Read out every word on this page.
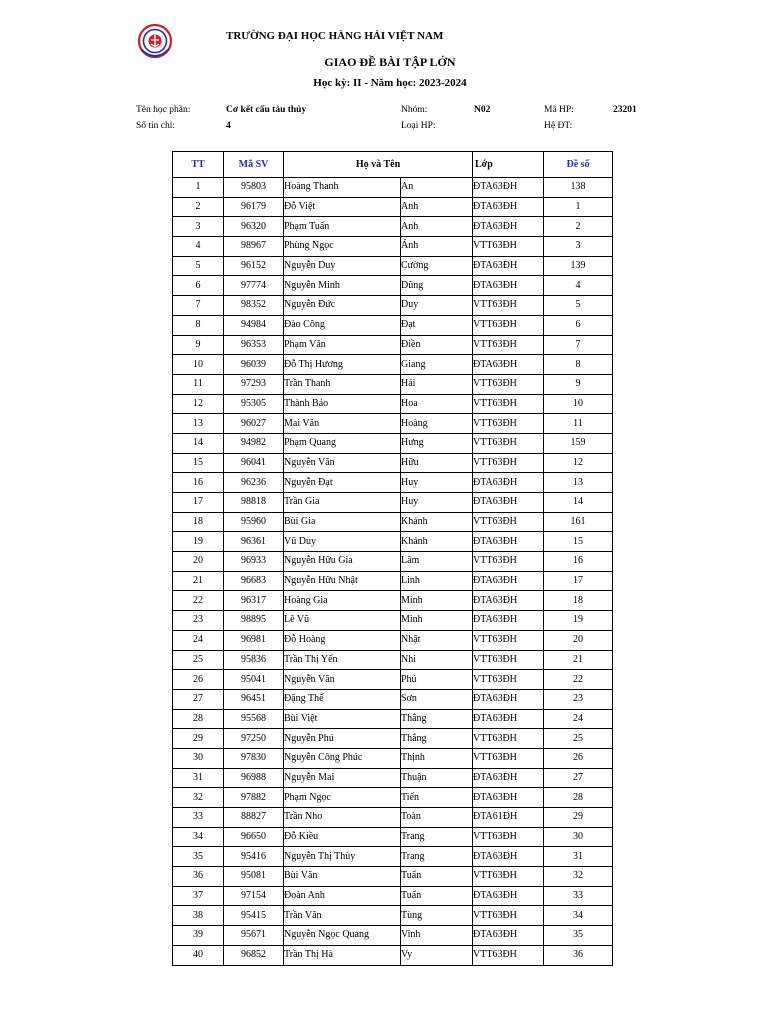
TRƯỜNG ĐẠI HỌC HÀNG HẢI VIỆT NAM
GIAO ĐỀ BÀI TẬP LỚN
Học kỳ: II - Năm học: 2023-2024
Tên học phần:	Cơ kết cấu tàu thủy	Nhóm:	N02	Mã HP:	23201
Số tín chỉ:	4	Loại HP:	Hệ ĐT:
TT	Mã SV	Họ và Tên		Lớp	Đề số
1	95803	Hoàng Thanh	An	ĐTA63ĐH	138
2	96179	Đỗ Việt	Anh	ĐTA63ĐH	1
3	96320	Phạm Tuấn	Anh	ĐTA63ĐH	2
4	98967	Phùng Ngọc	Ánh	VTT63ĐH	3
5	96152	Nguyễn Duy	Cường	ĐTA63ĐH	139
6	97774	Nguyễn Minh	Dũng	ĐTA63ĐH	4
7	98352	Nguyễn Đức	Duy	VTT63ĐH	5
8	94984	Đào Công	Đạt	VTT63ĐH	6
9	96353	Phạm Văn	Điền	VTT63ĐH	7
10	96039	Đỗ Thị Hương	Giang	ĐTA63ĐH	8
11	97293	Trần Thanh	Hải	VTT63ĐH	9
12	95305	Thành Bảo	Hoa	VTT63ĐH	10
13	96027	Mai Văn	Hoàng	VTT63ĐH	11
14	94982	Phạm Quang	Hưng	VTT63ĐH	159
15	96041	Nguyễn Văn	Hữu	VTT63ĐH	12
16	96236	Nguyễn Đạt	Huy	ĐTA63ĐH	13
17	98818	Trần Gia	Huy	ĐTA63ĐH	14
18	95960	Bùi Gia	Khánh	VTT63ĐH	161
19	96361	Vũ Duy	Khánh	ĐTA63ĐH	15
20	96933	Nguyễn Hữu Gia	Lâm	VTT63ĐH	16
21	96683	Nguyễn Hữu Nhật	Linh	ĐTA63ĐH	17
22	96317	Hoàng Gia	Minh	ĐTA63ĐH	18
23	98895	Lê Vũ	Minh	ĐTA63ĐH	19
24	96981	Đỗ Hoàng	Nhật	VTT63ĐH	20
25	95836	Trần Thị Yến	Nhi	VTT63ĐH	21
26	95041	Nguyễn Văn	Phú	VTT63ĐH	22
27	96451	Đặng Thế	Sơn	ĐTA63ĐH	23
28	95568	Bùi Việt	Thắng	ĐTA63ĐH	24
29	97250	Nguyễn Phú	Thắng	VTT63ĐH	25
30	97830	Nguyễn Công Phúc	Thịnh	VTT63ĐH	26
31	96988	Nguyễn Mai	Thuận	ĐTA63ĐH	27
32	97882	Phạm Ngọc	Tiến	ĐTA63ĐH	28
33	88827	Trần Nho	Toàn	ĐTA61ĐH	29
34	96650	Đỗ Kiều	Trang	VTT63ĐH	30
35	95416	Nguyễn Thị Thùy	Trang	ĐTA63ĐH	31
36	95081	Bùi Văn	Tuấn	VTT63ĐH	32
37	97154	Đoàn Anh	Tuấn	ĐTA63ĐH	33
38	95415	Trần Văn	Tùng	VTT63ĐH	34
39	95671	Nguyễn Ngọc Quang	Vinh	ĐTA63ĐH	35
40	96852	Trần Thị Hà	Vy	VTT63ĐH	36
